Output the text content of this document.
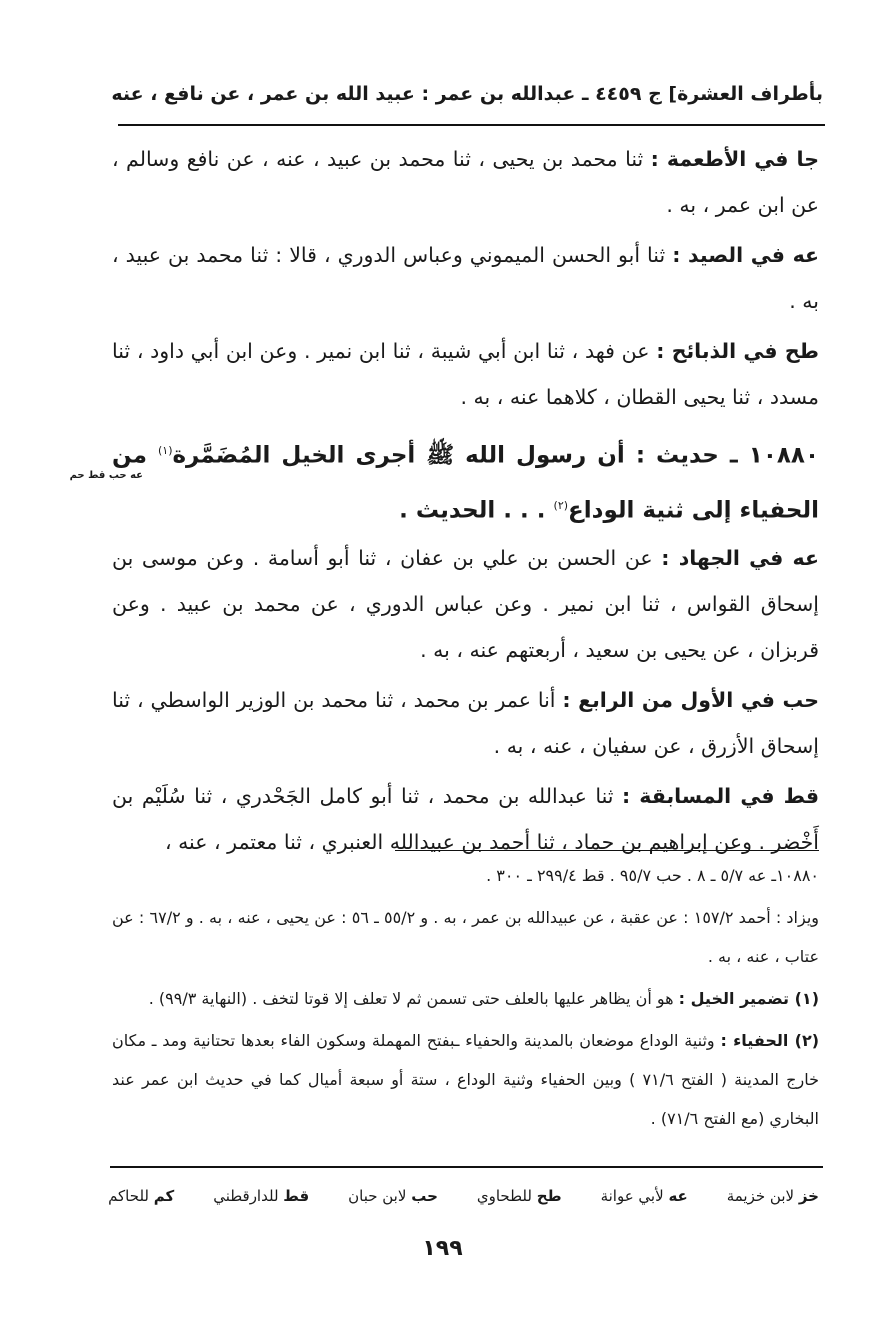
بأطراف العشرة] ج ٩
٤٤٥ ـ عبدالله بن عمر : عبيد الله بن عمر ، عن نافع ، عنه

جا في الأطعمة : ثنا محمد بن يحيى ، ثنا محمد بن عبيد ، عنه ، عن نافع وسالم ، عن ابن عمر ، به .

عه في الصيد : ثنا أبو الحسن الميموني وعباس الدوري ، قالا : ثنا محمد بن عبيد ، به .

طح في الذبائح : عن فهد ، ثنا ابن أبي شيبة ، ثنا ابن نمير . وعن ابن أبي داود ، ثنا مسدد ، ثنا يحيى القطان ، كلاهما عنه ، به .

١٠٨٨٠ ـ حديث : أن رسول الله ﷺ أجرى الخيل المُضَمَّرة$^{(١)}$ من الحفياء إلى ثنية الوداع$^{(٢)}$ . . . الحديث .

عه حب قط حم

عه في الجهاد : عن الحسن بن علي بن عفان ، ثنا أبو أسامة . وعن موسى بن إسحاق القواس ، ثنا ابن نمير . وعن عباس الدوري ، عن محمد بن عبيد . وعن قربزان ، عن يحيى بن سعيد ، أربعتهم عنه ، به .

حب في الأول من الرابع : أنا عمر بن محمد ، ثنا محمد بن الوزير الواسطي ، ثنا إسحاق الأزرق ، عن سفيان ، عنه ، به .

قط في المسابقة : ثنا عبدالله بن محمد ، ثنا أبو كامل الجَحْدري ، ثنا سُلَيْم بن أَخْضر . وعن إبراهيم بن حماد ، ثنا أحمد بن عبيدالله العنبري ، ثنا معتمر ، عنه ،

١٠٨٨٠ـ عه ٥/٧ ـ ٨ . حب ٩٥/٧ . قط ٢٩٩/٤ ـ ٣٠٠ .

ويزاد : أحمد ١٥٧/٢ : عن عقبة ، عن عبيدالله بن عمر ، به . و ٥٥/٢ ـ ٥٦ : عن يحيى ، عنه ، به . و ٦٧/٢ : عن عتاب ، عنه ، به .

(١) تضمير الخيل : هو أن يظاهر عليها بالعلف حتى تسمن ثم لا تعلف إلا قوتا لتخف . (النهاية ٩٩/٣) .

(٢) الحفياء : وثنية الوداع موضعان بالمدينة والحفياء ـبفتح المهملة وسكون الفاء بعدها تحتانية ومد ـ مكان خارج المدينة ( الفتح ٧١/٦ ) وبين الحفياء وثنية الوداع ، ستة أو سبعة أميال كما في حديث ابن عمر عند البخاري (مع الفتح ٧١/٦) .

خز لابن خزيمة
عه لأبي عوانة
طح للطحاوي
حب لابن حبان
قط للدارقطني
كم للحاكم
١٩٩
